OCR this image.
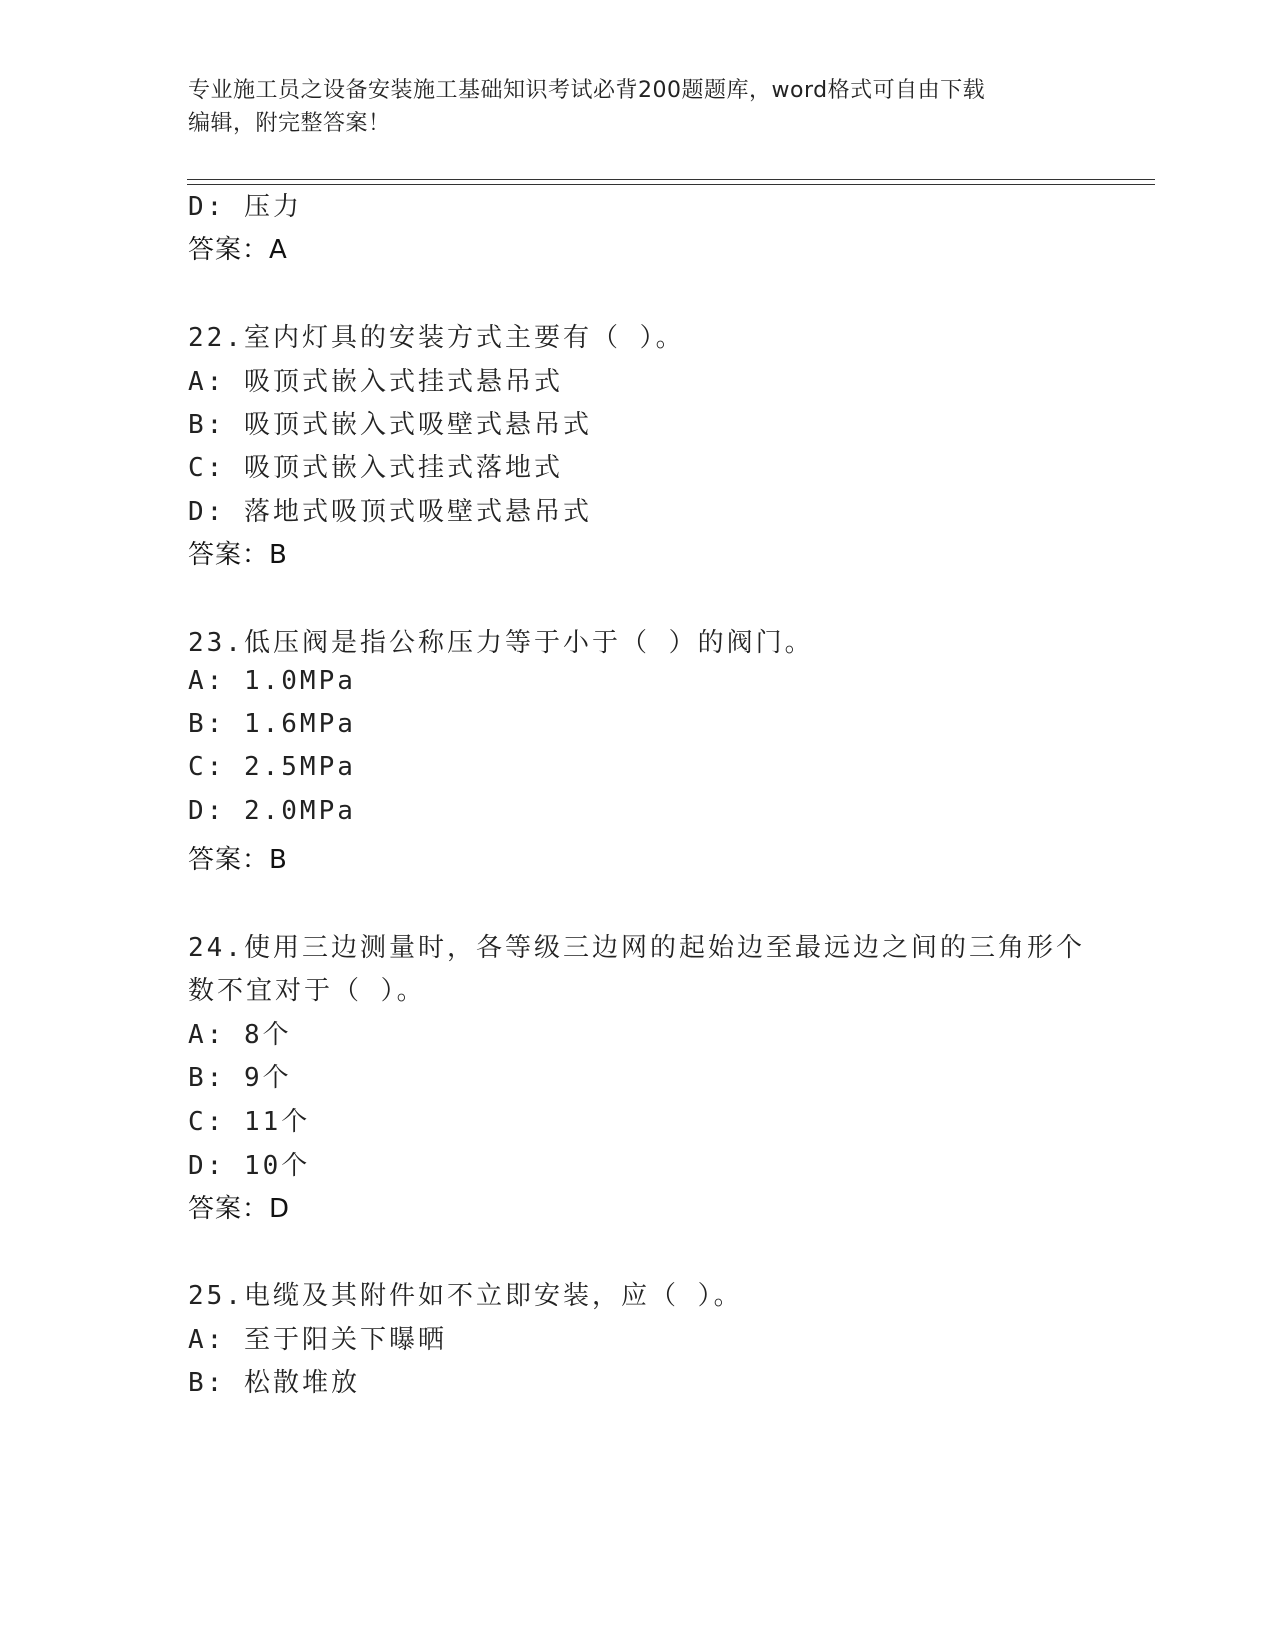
专业施工员之设备安装施工基础知识考试必背200题题库，word格式可自由下载
编辑，附完整答案！
D: 压力
答案：A
22.室内灯具的安装方式主要有（ ）。
A: 吸顶式嵌入式挂式悬吊式
B: 吸顶式嵌入式吸壁式悬吊式
C: 吸顶式嵌入式挂式落地式
D: 落地式吸顶式吸壁式悬吊式
答案：B
23.低压阀是指公称压力等于小于（ ）的阀门。
A: 1.0MPa
B: 1.6MPa
C: 2.5MPa
D: 2.0MPa
答案：B
24.使用三边测量时，各等级三边网的起始边至最远边之间的三角形个
数不宜对于（ ）。
A: 8个
B: 9个
C: 11个
D: 10个
答案：D
25.电缆及其附件如不立即安装，应（ ）。
A: 至于阳关下曝晒
B: 松散堆放
